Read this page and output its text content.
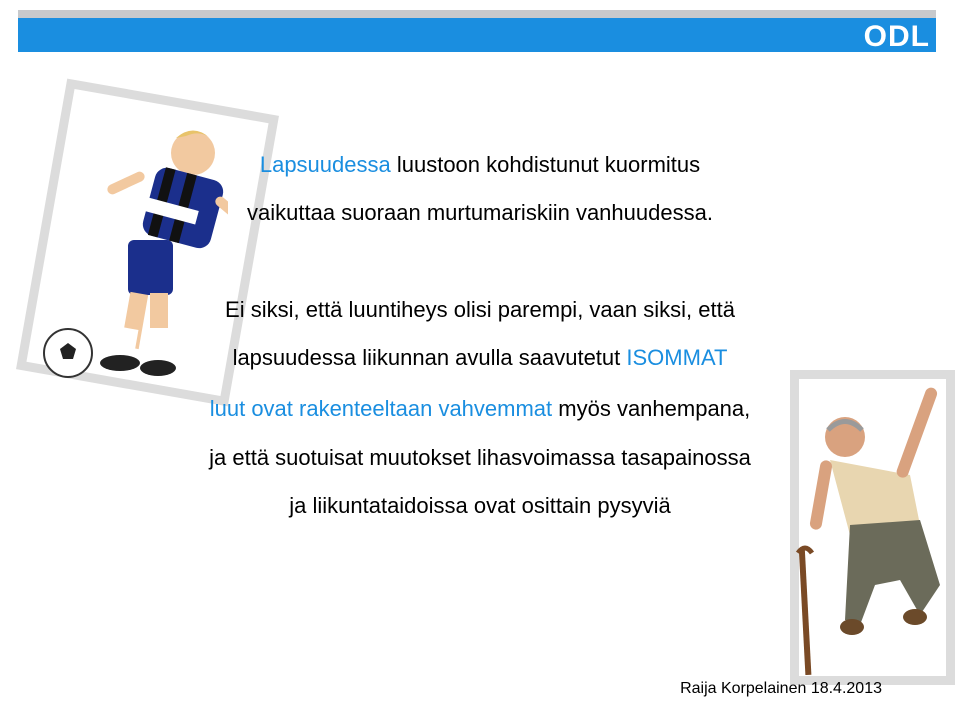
ODL
Lapsuudessa luustoon kohdistunut kuormitus
vaikuttaa suoraan murtumariskiin vanhuudessa.
Ei siksi, että luuntiheys olisi parempi, vaan siksi, että
lapsuudessa liikunnan avulla saavutetut ISOMMAT
luut ovat rakenteeltaan vahvemmat myös vanhempana,
ja että suotuisat muutokset lihasvoimassa tasapainossa
ja liikuntataidoissa ovat osittain pysyviä
Raija Korpelainen 18.4.2013
